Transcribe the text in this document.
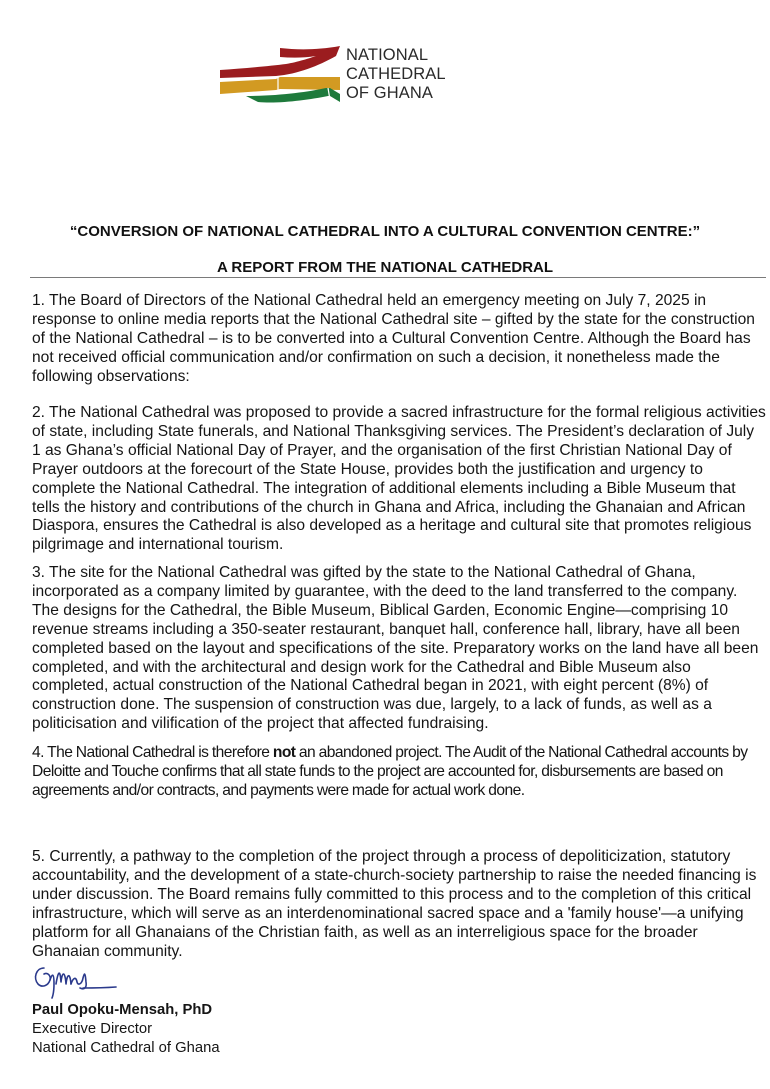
NATIONAL
CATHEDRAL
OF GHANA
“CONVERSION OF NATIONAL CATHEDRAL INTO A CULTURAL CONVENTION CENTRE:”
A REPORT FROM THE NATIONAL CATHEDRAL
1. The Board of Directors of the National Cathedral held an emergency meeting on July 7, 2025 in response to online media reports that the National Cathedral site – gifted by the state for the construction of the National Cathedral – is to be converted into a Cultural Convention Centre. Although the Board has not received official communication and/or confirmation on such a decision, it nonetheless made the following observations:
2. The National Cathedral was proposed to provide a sacred infrastructure for the formal religious activities of state, including State funerals, and National Thanksgiving services. The President’s declaration of July 1 as Ghana’s official National Day of Prayer, and the organisation of the first Christian National Day of Prayer outdoors at the forecourt of the State House, provides both the justification and urgency to complete the National Cathedral. The integration of additional elements including a Bible Museum that tells the history and contributions of the church in Ghana and Africa, including the Ghanaian and African Diaspora, ensures the Cathedral is also developed as a heritage and cultural site that promotes religious pilgrimage and international tourism.
3. The site for the National Cathedral was gifted by the state to the National Cathedral of Ghana, incorporated as a company limited by guarantee, with the deed to the land transferred to the company. The designs for the Cathedral, the Bible Museum, Biblical Garden, Economic Engine—comprising 10 revenue streams including a 350-seater restaurant, banquet hall, conference hall, library, have all been completed based on the layout and specifications of the site. Preparatory works on the land have all been completed, and with the architectural and design work for the Cathedral and Bible Museum also completed, actual construction of the National Cathedral began in 2021, with eight percent (8%) of construction done. The suspension of construction was due, largely, to a lack of funds, as well as a politicisation and vilification of the project that affected fundraising.
4. The National Cathedral is therefore not an abandoned project. The Audit of the National Cathedral accounts by Deloitte and Touche confirms that all state funds to the project are accounted for, disbursements are based on agreements and/or contracts, and payments were made for actual work done.
5. Currently, a pathway to the completion of the project through a process of depoliticization, statutory accountability, and the development of a state-church-society partnership to raise the needed financing is under discussion. The Board remains fully committed to this process and to the completion of this critical infrastructure, which will serve as an interdenominational sacred space and a 'family house'—a unifying platform for all Ghanaians of the Christian faith, as well as an interreligious space for the broader Ghanaian community.
Paul Opoku-Mensah, PhD
Executive Director
National Cathedral of Ghana
